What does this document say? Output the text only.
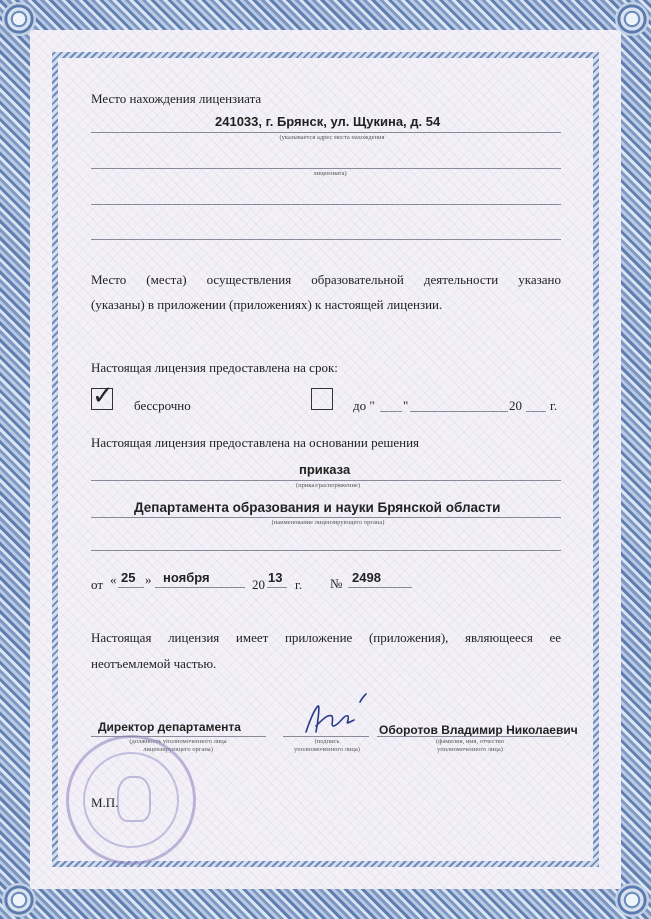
Место нахождения лицензиата
241033, г. Брянск, ул. Щукина, д. 54
(указывается адрес места нахождения
лицензиата)
Место (места) осуществления образовательной деятельности указано
(указаны) в приложении (приложениях) к настоящей лицензии.
Настоящая лицензия предоставлена на срок:
✓ бессрочно	до " "	20 г.
Настоящая лицензия предоставлена на основании решения
приказа
(приказ/распоряжение)
Департамента образования и науки Брянской области
(наименование лицензирующего органа)
от « 25 » ноября	20 13 г. № 2498
Настоящая лицензия имеет приложение (приложения), являющееся ее
неотъемлемой частью.
Директор департамента
(должность уполномоченного лица
лицензирующего органа)
(подпись
уполномоченного лица)
Оборотов Владимир Николаевич
(фамилия, имя, отчество
уполномоченного лица)
М.П.
